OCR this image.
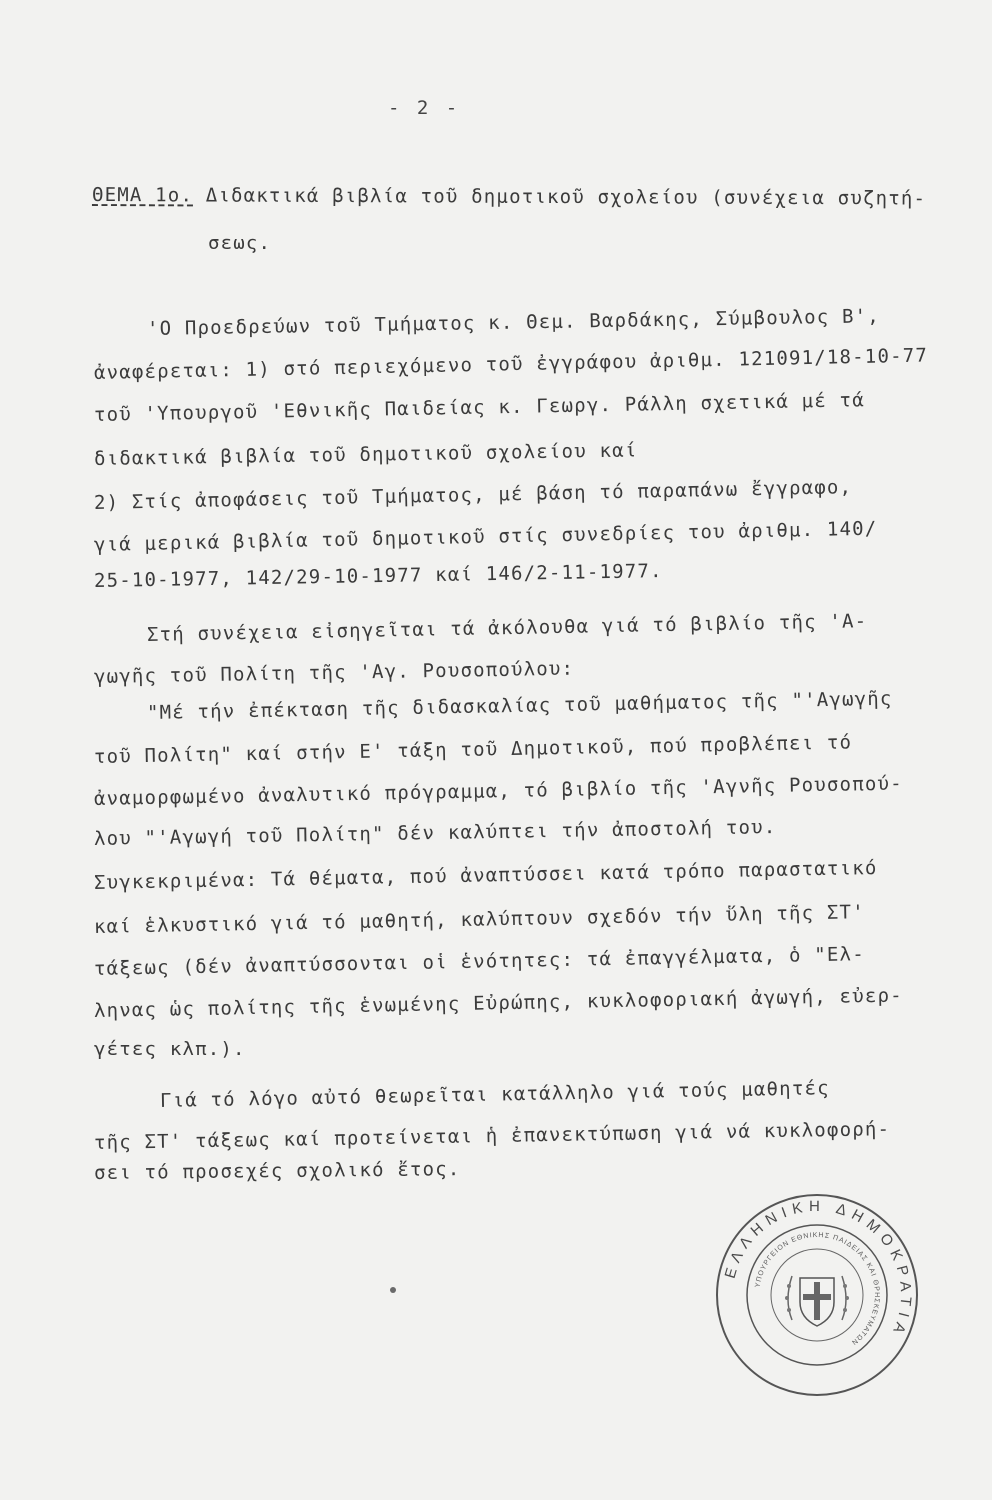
- 2 -
ΘΕΜΑ 1ο. Διδακτικά βιβλία τοῦ δημοτικοῦ σχολείου (συνέχεια συζητή-
σεως.
'Ο Προεδρεύων τοῦ Τμήματος κ. Θεμ. Βαρδάκης, Σύμβουλος Β',
ἀναφέρεται: 1) στό περιεχόμενο τοῦ ἐγγράφου ἀριθμ. 121091/18-10-77
τοῦ 'Υπουργοῦ 'Εθνικῆς Παιδείας κ. Γεωργ. Ράλλη σχετικά μέ τά
διδακτικά βιβλία τοῦ δημοτικοῦ σχολείου καί
2) Στίς ἀποφάσεις τοῦ Τμήματος, μέ βάση τό παραπάνω ἔγγραφο,
γιά μερικά βιβλία τοῦ δημοτικοῦ στίς συνεδρίες του ἀριθμ. 140/
25-10-1977, 142/29-10-1977 καί 146/2-11-1977.
Στή συνέχεια εἰσηγεῖται τά ἀκόλουθα γιά τό βιβλίο τῆς 'Α-
γωγῆς τοῦ Πολίτη τῆς 'Αγ. Ρουσοπούλου:
"Μέ τήν ἐπέκταση τῆς διδασκαλίας τοῦ μαθήματος τῆς "'Αγωγῆς
τοῦ Πολίτη" καί στήν Ε' τάξη τοῦ Δημοτικοῦ, πού προβλέπει τό
ἀναμορφωμένο ἀναλυτικό πρόγραμμα, τό βιβλίο τῆς 'Αγνῆς Ρουσοπού-
λου "'Αγωγή τοῦ Πολίτη" δέν καλύπτει τήν ἀποστολή του.
Συγκεκριμένα: Τά θέματα, πού ἀναπτύσσει κατά τρόπο παραστατικό
καί ἑλκυστικό γιά τό μαθητή, καλύπτουν σχεδόν τήν ὕλη τῆς ΣΤ'
τάξεως (δέν ἀναπτύσσονται οἱ ἑνότητες: τά ἐπαγγέλματα, ὁ "Ελ-
ληνας ὡς πολίτης τῆς ἑνωμένης Εὐρώπης, κυκλοφοριακή ἀγωγή, εὐερ-
γέτες κλπ.).
Γιά τό λόγο αὐτό θεωρεῖται κατάλληλο γιά τούς μαθητές
τῆς ΣΤ' τάξεως καί προτείνεται ἡ ἐπανεκτύπωση γιά νά κυκλοφορή-
σει τό προσεχές σχολικό ἔτος.
ΕΛΛΗΝΙΚΗ ΔΗΜΟΚΡΑΤΙΑ
ΥΠΟΥΡΓΕΙΟΝ ΕΘΝΙΚΗΣ ΠΑΙΔΕΙΑΣ ΚΑΙ ΘΡΗΣΚΕΥΜΑΤΩΝ
